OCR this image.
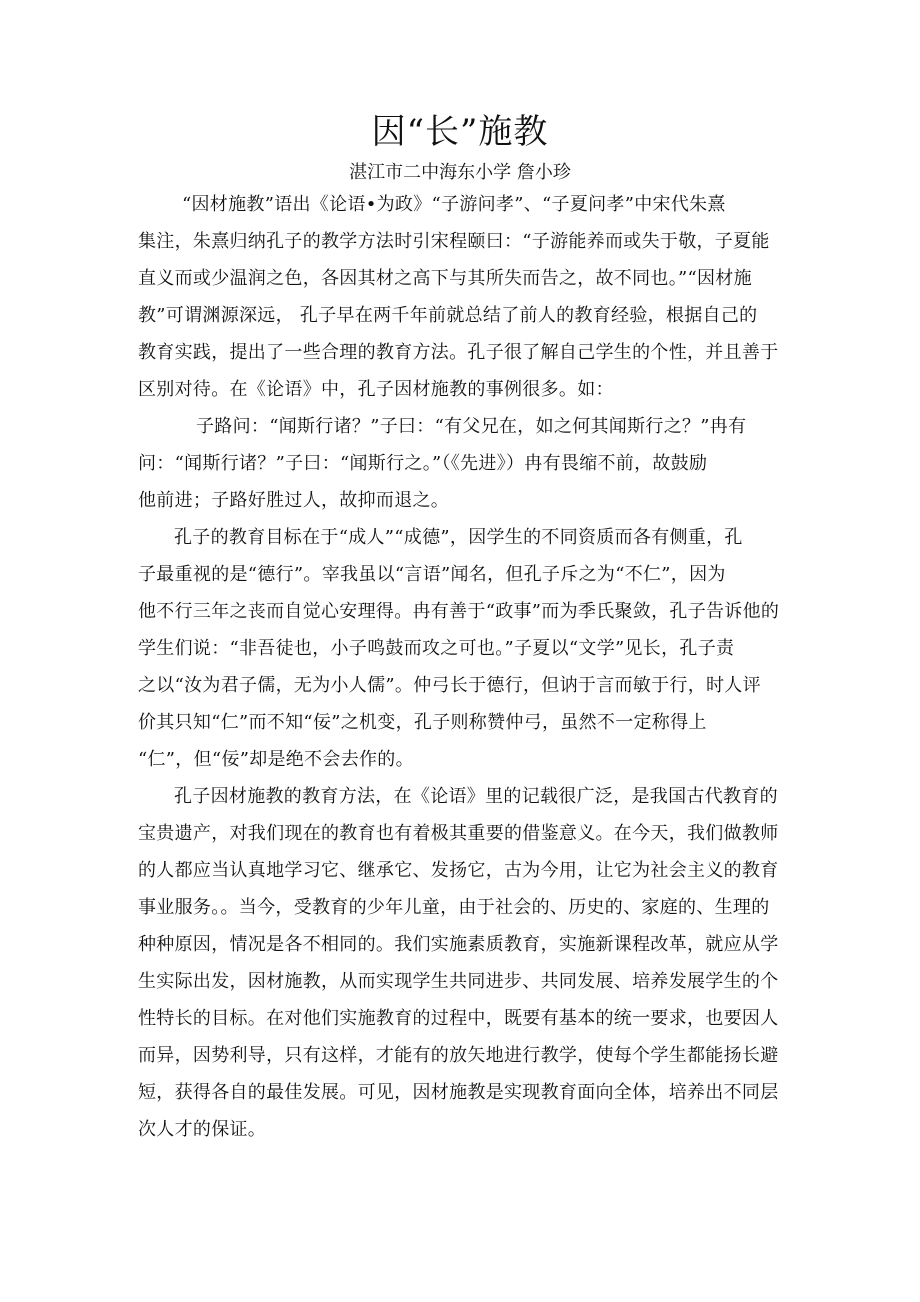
因“长”施教

湛江市二中海东小学 詹小珍

“因材施教”语出《论语•为政》“子游问孝”、“子夏问孝”中宋代朱熹
集注，朱熹归纳孔子的教学方法时引宋程颐曰：“子游能养而或失于敬，子夏能
直义而或少温润之色，各因其材之高下与其所失而告之，故不同也。”“因材施
教”可谓渊源深远， 孔子早在两千年前就总结了前人的教育经验，根据自己的
教育实践，提出了一些合理的教育方法。孔子很了解自己学生的个性，并且善于
区别对待。在《论语》中，孔子因材施教的事例很多。如：
子路问：“闻斯行诸？”子曰：“有父兄在，如之何其闻斯行之？”冉有
问：“闻斯行诸？”子曰：“闻斯行之。”（《先进》）冉有畏缩不前，故鼓励
他前进；子路好胜过人，故抑而退之。
孔子的教育目标在于“成人”“成德”，因学生的不同资质而各有侧重，孔
子最重视的是“德行”。宰我虽以“言语”闻名，但孔子斥之为“不仁”，因为
他不行三年之丧而自觉心安理得。冉有善于“政事”而为季氏聚敛，孔子告诉他的
学生们说：“非吾徒也，小子鸣鼓而攻之可也。”子夏以“文学”见长，孔子责
之以“汝为君子儒，无为小人儒”。仲弓长于德行，但讷于言而敏于行，时人评
价其只知“仁”而不知“佞”之机变，孔子则称赞仲弓，虽然不一定称得上
“仁”，但“佞”却是绝不会去作的。
孔子因材施教的教育方法，在《论语》里的记载很广泛，是我国古代教育的
宝贵遗产，对我们现在的教育也有着极其重要的借鉴意义。在今天，我们做教师
的人都应当认真地学习它、继承它、发扬它，古为今用，让它为社会主义的教育
事业服务。。当今，受教育的少年儿童，由于社会的、历史的、家庭的、生理的
种种原因，情况是各不相同的。我们实施素质教育，实施新课程改革，就应从学
生实际出发，因材施教，从而实现学生共同进步、共同发展、培养发展学生的个
性特长的目标。在对他们实施教育的过程中，既要有基本的统一要求，也要因人
而异，因势利导，只有这样，才能有的放矢地进行教学，使每个学生都能扬长避
短，获得各自的最佳发展。可见，因材施教是实现教育面向全体，培养出不同层
次人才的保证。
